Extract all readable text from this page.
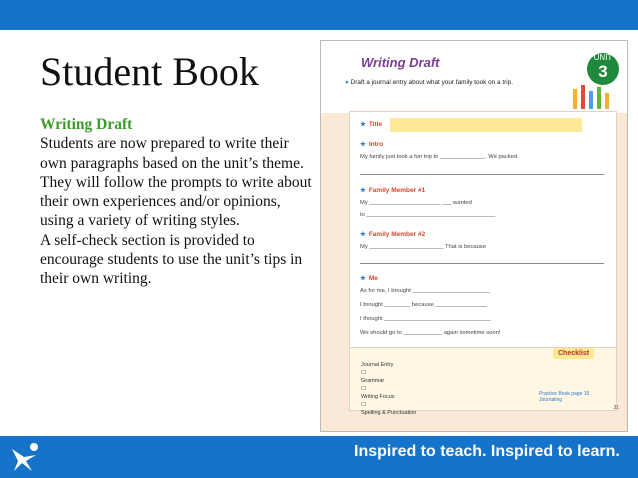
Student Book
Writing Draft

Students are now prepared to write their own paragraphs based on the unit’s theme.

They will follow the prompts to write about their own experiences and/or opinions, using a variety of writing styles.

A self-check section is provided to encourage students to use the unit’s tips in their own writing.

Writing Draft	UNIT
3
● Draft a journal entry about what your family took on a trip.
★ Title
★ Intro
My family just took a fun trip to ______________. We packed
★ Family Member #1
My ______________________ ___ wanted
to ________________________________________
★ Family Member #2
My _______________________ That is because
★ Me
As for me, I brought ________________________
I brought ________ because ________________
I thought _________________________________
We should go to ____________ again sometime soon!
Checklist
Journal Entry
☐
Grammar
☐
Writing Focus
☐
Spelling & Punctuation
Practice Book page 15 Journaling
31
Inspired to teach. Inspired to learn.
